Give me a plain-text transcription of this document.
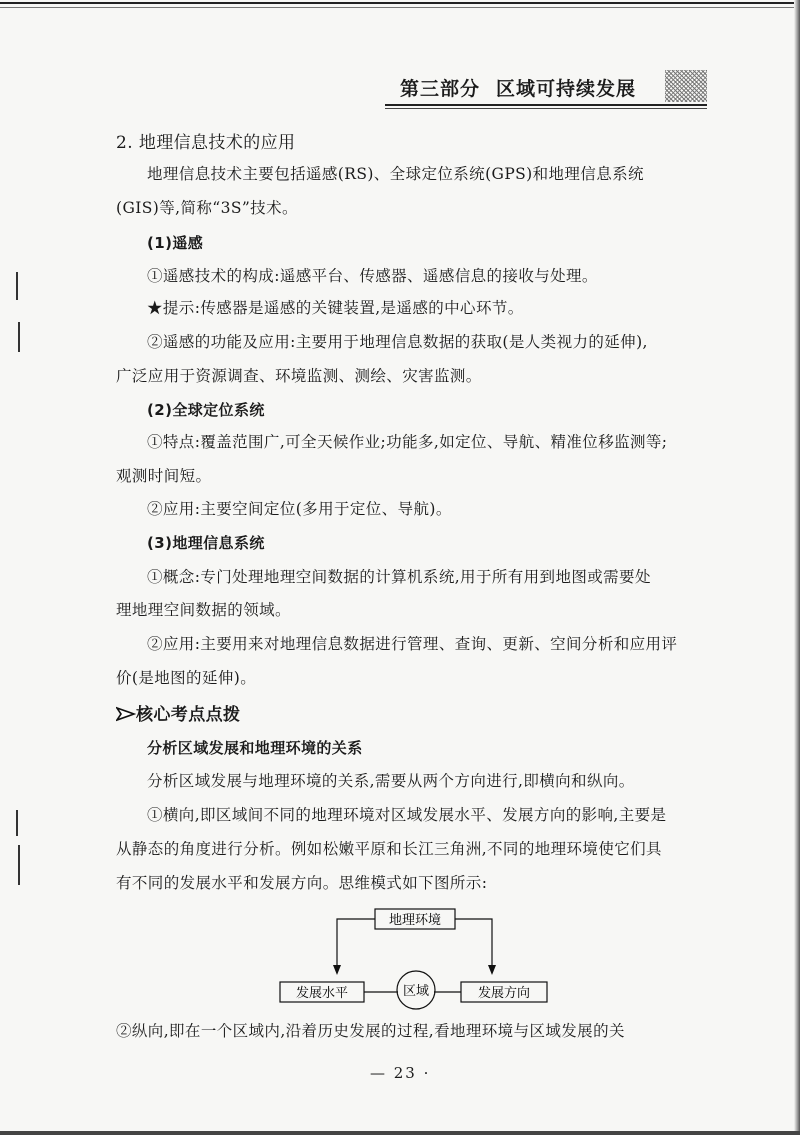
第三部分 区域可持续发展
2. 地理信息技术的应用
地理信息技术主要包括遥感(RS)、全球定位系统(GPS)和地理信息系统
(GIS)等,简称“3S”技术。
(1)遥感
①遥感技术的构成:遥感平台、传感器、遥感信息的接收与处理。
★提示:传感器是遥感的关键装置,是遥感的中心环节。
②遥感的功能及应用:主要用于地理信息数据的获取(是人类视力的延伸),
广泛应用于资源调查、环境监测、测绘、灾害监测。
(2)全球定位系统
①特点:覆盖范围广,可全天候作业;功能多,如定位、导航、精准位移监测等;
观测时间短。
②应用:主要空间定位(多用于定位、导航)。
(3)地理信息系统
①概念:专门处理地理空间数据的计算机系统,用于所有用到地图或需要处
理地理空间数据的领域。
②应用:主要用来对地理信息数据进行管理、查询、更新、空间分析和应用评
价(是地图的延伸)。
核心考点点拨
分析区域发展和地理环境的关系
分析区域发展与地理环境的关系,需要从两个方向进行,即横向和纵向。
①横向,即区域间不同的地理环境对区域发展水平、发展方向的影响,主要是
从静态的角度进行分析。例如松嫩平原和长江三角洲,不同的地理环境使它们具
有不同的发展水平和发展方向。思维模式如下图所示:
地理环境
发展水平	发展方向
区域
②纵向,即在一个区域内,沿着历史发展的过程,看地理环境与区域发展的关
— 23 ·
